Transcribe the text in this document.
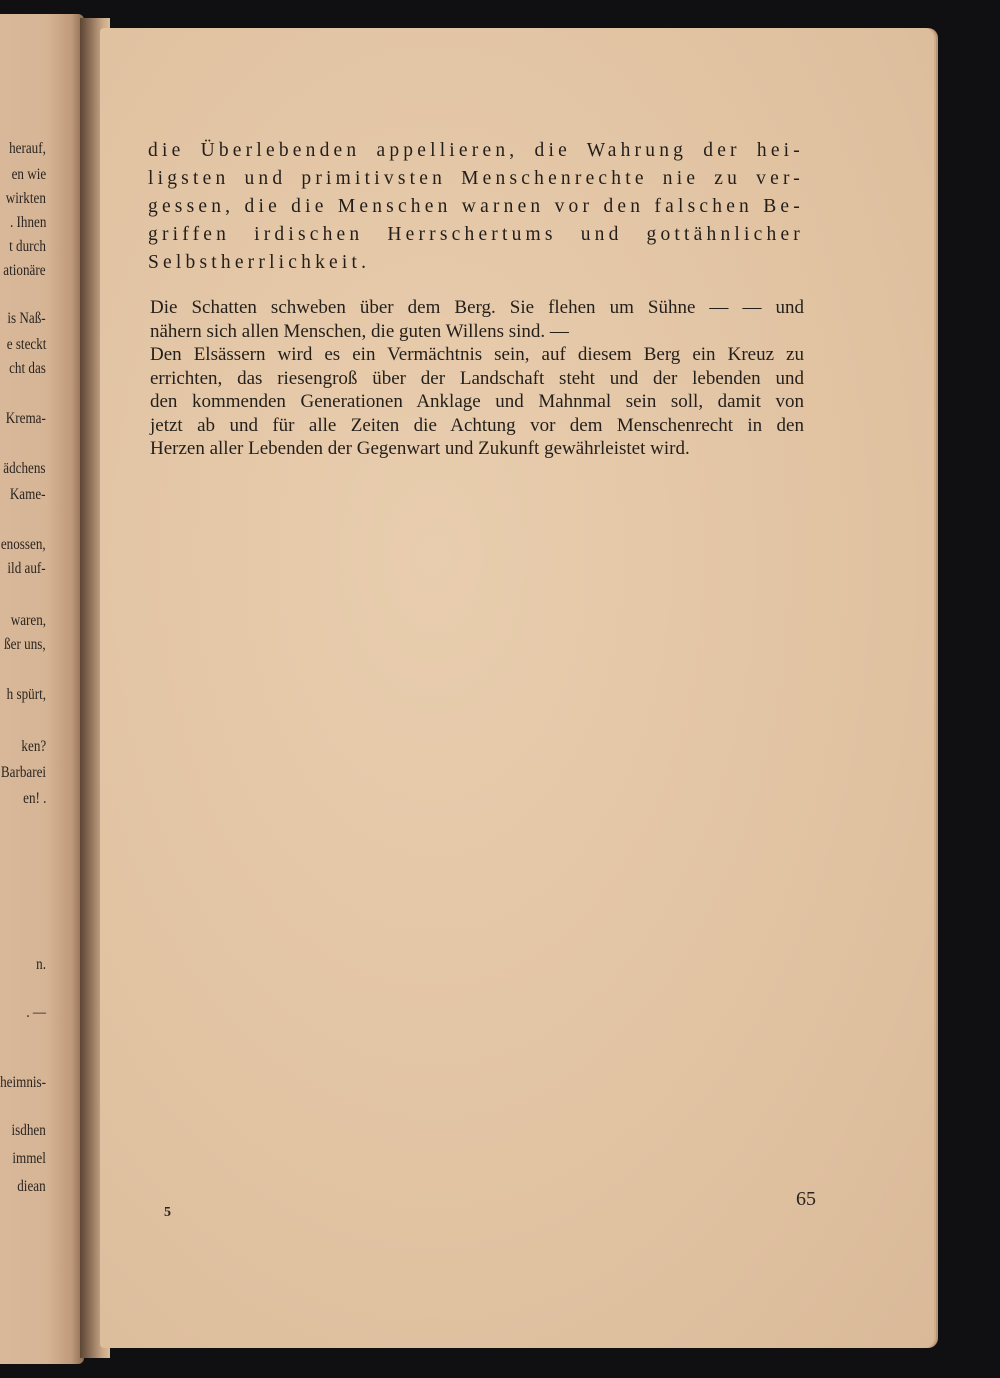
herauf,
en wie
wirkten
. Ihnen
t durch
ationäre
is Naß-
e steckt
cht das
Krema-
ädchens
Kame-
enossen,
ild auf-
waren,
ßer uns,
h spürt,
ken?
Barbarei
en! .
n.
. —
heimnis-
isdhen
immel
diean

die Überlebenden appellieren, die Wahrung der hei-

ligsten und primitivsten Menschenrechte nie zu ver-

gessen, die die Menschen warnen vor den falschen Be-

griffen irdischen Herrschertums und gottähnlicher

Selbstherrlichkeit.

Die Schatten schweben über dem Berg. Sie flehen um Sühne — — und
nähern sich allen Menschen, die guten Willens sind. —
Den Elsässern wird es ein Vermächtnis sein, auf diesem Berg ein Kreuz zu
errichten, das riesengroß über der Landschaft steht und der lebenden und
den kommenden Generationen Anklage und Mahnmal sein soll, damit von
jetzt ab und für alle Zeiten die Achtung vor dem Menschenrecht in den
Herzen aller Lebenden der Gegenwart und Zukunft gewährleistet wird.
5
65
